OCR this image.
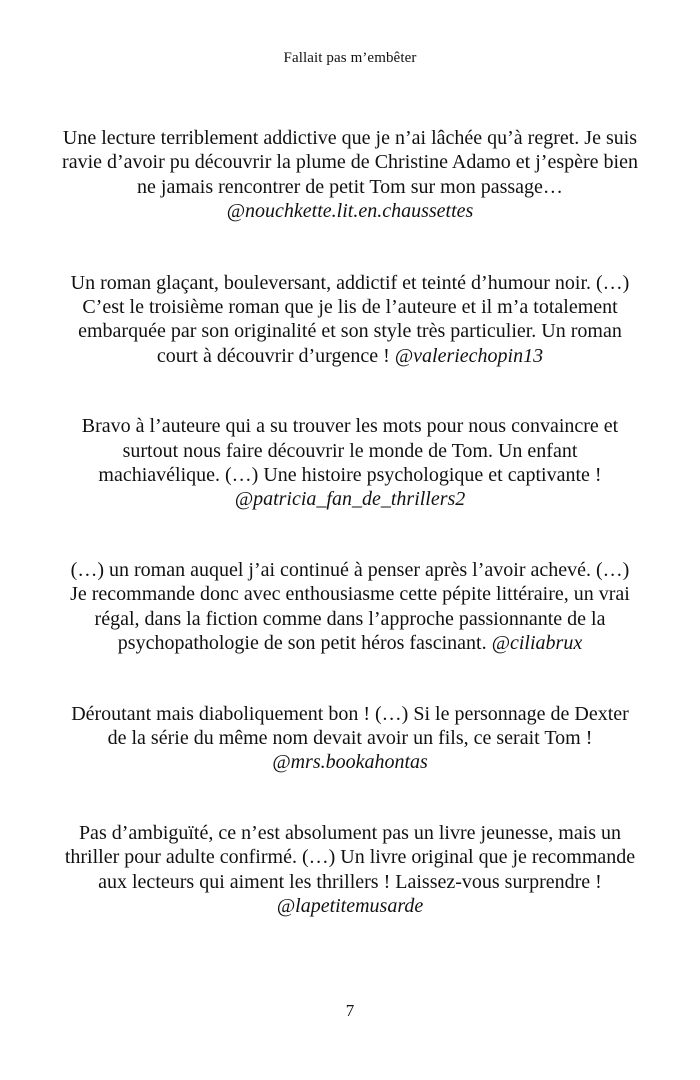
Fallait pas m’embêter

Une lecture terriblement addictive que je n’ai lâchée qu’à regret. Je suis ravie d’avoir pu découvrir la plume de Christine Adamo et j’espère bien ne jamais rencontrer de petit Tom sur mon passage…
@nouchkette.lit.en.chaussettes

Un roman glaçant, bouleversant, addictif et teinté d’humour noir. (…) C’est le troisième roman que je lis de l’auteure et il m’a totalement embarquée par son originalité et son style très particulier. Un roman court à découvrir d’urgence ! @valeriechopin13

Bravo à l’auteure qui a su trouver les mots pour nous convaincre et surtout nous faire découvrir le monde de Tom. Un enfant machiavélique. (…) Une histoire psychologique et captivante ! @patricia_fan_de_thrillers2

(…) un roman auquel j’ai continué à penser après l’avoir achevé. (…) Je recommande donc avec enthousiasme cette pépite littéraire, un vrai régal, dans la fiction comme dans l’approche passionnante de la psychopathologie de son petit héros fascinant. @ciliabrux

Déroutant mais diaboliquement bon ! (…) Si le personnage de Dexter de la série du même nom devait avoir un fils, ce serait Tom ! @mrs.bookahontas

Pas d’ambiguïté, ce n’est absolument pas un livre jeunesse, mais un thriller pour adulte confirmé. (…) Un livre original que je recommande aux lecteurs qui aiment les thrillers ! Laissez-vous surprendre ! @lapetitemusarde

7
